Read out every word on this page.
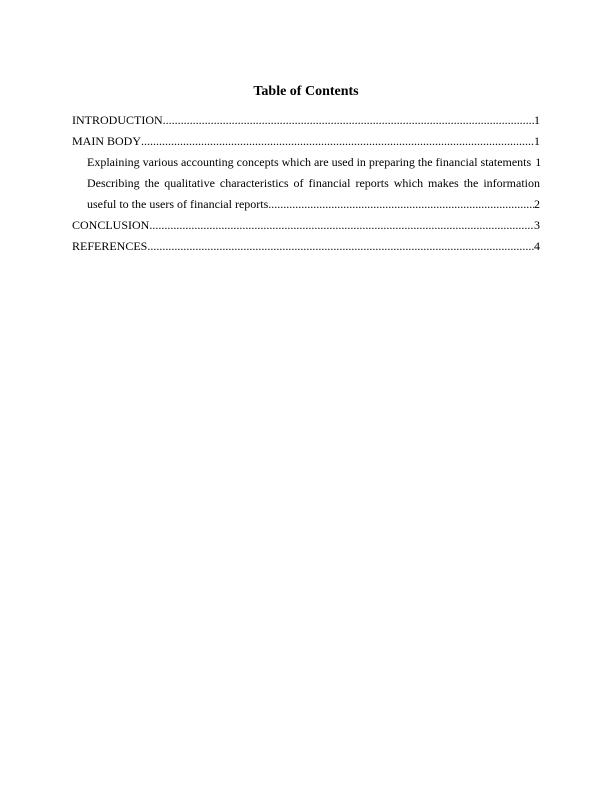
Table of Contents
INTRODUCTION .....	1
MAIN BODY .....	1
Explaining various accounting concepts which are used in preparing the financial statements 1
Describing the qualitative characteristics of financial reports which makes the information
useful to the users of financial reports. .....	2
CONCLUSION .....	3
REFERENCES .....	4
